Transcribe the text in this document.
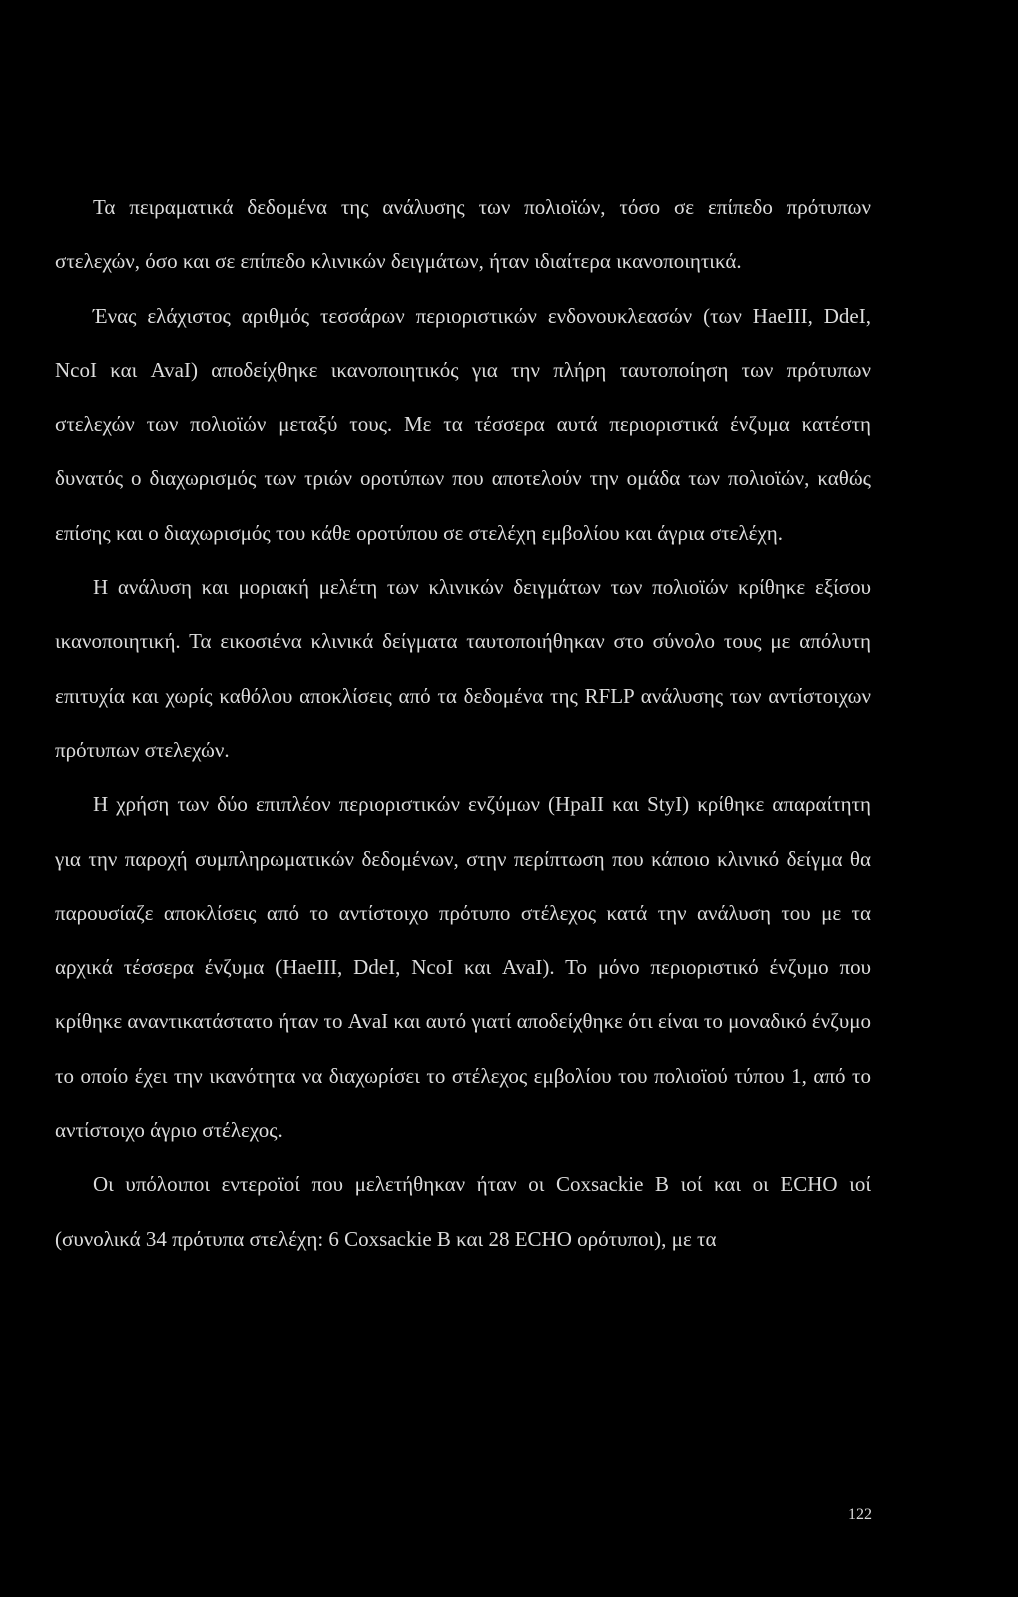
Τα πειραματικά δεδομένα της ανάλυσης των πολιοϊών, τόσο σε επίπεδο πρότυπων στελεχών, όσο και σε επίπεδο κλινικών δειγμάτων, ήταν ιδιαίτερα ικανοποιητικά.

Ένας ελάχιστος αριθμός τεσσάρων περιοριστικών ενδονουκλεασών (των HaeIII, DdeI, NcoI και AvaI) αποδείχθηκε ικανοποιητικός για την πλήρη ταυτοποίηση των πρότυπων στελεχών των πολιοϊών μεταξύ τους. Με τα τέσσερα αυτά περιοριστικά ένζυμα κατέστη δυνατός ο διαχωρισμός των τριών οροτύπων που αποτελούν την ομάδα των πολιοϊών, καθώς επίσης και ο διαχωρισμός του κάθε οροτύπου σε στελέχη εμβολίου και άγρια στελέχη.

Η ανάλυση και μοριακή μελέτη των κλινικών δειγμάτων των πολιοϊών κρίθηκε εξίσου ικανοποιητική. Τα εικοσιένα κλινικά δείγματα ταυτοποιήθηκαν στο σύνολο τους με απόλυτη επιτυχία και χωρίς καθόλου αποκλίσεις από τα δεδομένα της RFLP ανάλυσης των αντίστοιχων πρότυπων στελεχών.

Η χρήση των δύο επιπλέον περιοριστικών ενζύμων (HpaII και StyI) κρίθηκε απαραίτητη για την παροχή συμπληρωματικών δεδομένων, στην περίπτωση που κάποιο κλινικό δείγμα θα παρουσίαζε αποκλίσεις από το αντίστοιχο πρότυπο στέλεχος κατά την ανάλυση του με τα αρχικά τέσσερα ένζυμα (HaeIII, DdeI, NcoI και AvaI). Το μόνο περιοριστικό ένζυμο που κρίθηκε αναντικατάστατο ήταν το AvaI και αυτό γιατί αποδείχθηκε ότι είναι το μοναδικό ένζυμο το οποίο έχει την ικανότητα να διαχωρίσει το στέλεχος εμβολίου του πολιοϊού τύπου 1, από το αντίστοιχο άγριο στέλεχος.

Οι υπόλοιποι εντεροϊοί που μελετήθηκαν ήταν οι Coxsackie B ιοί και οι ECHO ιοί (συνολικά 34 πρότυπα στελέχη: 6 Coxsackie B και 28 ECHO ορότυποι), με τα

122
